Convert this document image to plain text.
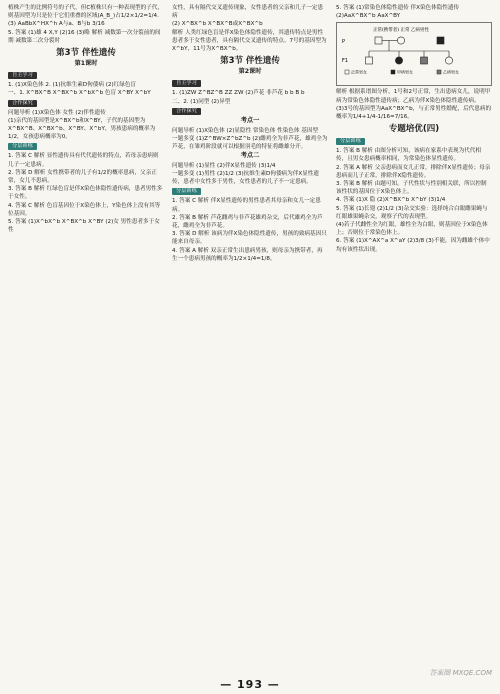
植株产生的比例符号的子代，但C植株只有一种表现型的子代，则基因型为只是位于它们重叠的区域(A_B_)占1/2×1/2=1/4.

(3) AaBbX^HX^h A与a、B与b 3/16

5. 答案 (1)雄 4 X,Y (2)16 (3)略 解析 减数第一次分裂前的间期 减数第二次分裂时

第3节 伴性遗传
第1课时
自主学习

1. (1)X染色体 2. (1)抗维生素D佝偻病 (2)红绿色盲

一、1. X^BX^B X^BX^b X^bX^b 色盲 X^BY X^bY

合作探究

问题导析 (1)X染色体 女性 (2)伴性遗传

(1)亲代的基因型是X^BX^b和X^BY，子代的基因型为X^BX^B、X^BX^b、X^BY、X^bY，男孩患病的概率为1/2，女孩患病概率为0。

分层训练

1. 答案 C 解析 显性遗传具有代代遗传的特点，若母亲患病则儿子一定患病。

2. 答案 D 解析 女性携带者的儿子有1/2的概率患病，父亲正常，女儿不患病。

3. 答案 B 解析 红绿色盲是伴X染色体隐性遗传病，患者男性多于女性。

4. 答案 C 解析 色盲基因位于X染色体上，Y染色体上没有其等位基因。

5. 答案 (1)X^bX^b X^BX^b X^BY (2)女 男性患者多于女性

女性，具有隔代交叉遗传现象，女性患者的父亲和儿子一定患病

(2) X^BX^b X^BX^B或X^BX^b

解析 人类红绿色盲是伴X染色体隐性遗传，其遗传特点是男性患者多于女性患者，具有隔代交叉遗传的特点。7号的基因型为X^bY，11号为X^BX^b。

第3节 伴性遗传
第2课时
自主学习

1. (1)ZW Z^BZ^B ZZ ZW (2)芦花 非芦花 b b B b

二、2. (1)同型 (2)异型

合作探究
考点一

问题导析 (1)X染色体 (2)显隐性 常染色体 性染色体 基因型

一题多变 (1)Z^BW×Z^bZ^b (2)雌鸡全为非芦花，雄鸡全为芦花，在雏鸡阶段就可以根据羽毛的特征将雌雄分开。

考点二

问题导析 (1)显性 (2)伴X显性遗传 (3)1/4

一题多变 (1)男性 (2)1/2 (3)抗维生素D佝偻病为伴X显性遗传，患者中女性多于男性，女性患者的儿子不一定患病。

分层训练

1. 答案 C 解析 伴X显性遗传的男性患者其母亲和女儿一定患病。

2. 答案 B 解析 芦花雌鸡与非芦花雄鸡杂交，后代雄鸡全为芦花，雌鸡全为非芦花。

3. 答案 D 解析 该病为伴X染色体隐性遗传，男孩的致病基因只能来自母亲。

4. 答案 A 解析 双亲正常生出患病男孩，则母亲为携带者，再生一个患病男孩的概率为1/2×1/4=1/8。

5. 答案 (1)常染色体隐性遗传 伴X染色体隐性遗传 (2)AaX^BX^b AaX^BY

正常(携带者) 正常 乙病男性
P
F1
正常男女	甲病男女	乙病男女

解析 根据系谱图分析，1号和2号正常，生出患病女儿，说明甲病为常染色体隐性遗传病；乙病为伴X染色体隐性遗传病。

(3)3号的基因型为AaX^BX^b，与正常男性婚配，后代患病的概率为1/4+1/4-1/16=7/16。

专题培优(四)
分层训练

1. 答案 B 解析 由图分析可知，该病在家系中表现为代代相传，且男女患病概率相同，为常染色体显性遗传。

2. 答案 A 解析 父亲患病而女儿正常，排除伴X显性遗传；母亲患病而儿子正常，排除伴X隐性遗传。

3. 答案 B 解析 由题可知，子代性状与性别相关联，所以控制该性状的基因位于X染色体上。

4. 答案 (1)X 隐 (2)X^BX^b X^bY (3)1/4

5. 答案 (1)长翅 (2)1/2 (3)杂交实验：选择纯合白眼雌果蝇与红眼雄果蝇杂交，观察子代的表现型。

(4)若子代雌性全为红眼，雄性全为白眼，则基因位于X染色体上；否则位于常染色体上。

6. 答案 (1)X^AX^a X^aY (2)3/8 (3)不能，因为雌雄个体中均有该性状出现。

— 193 —
答案圈 MXQE.COM
